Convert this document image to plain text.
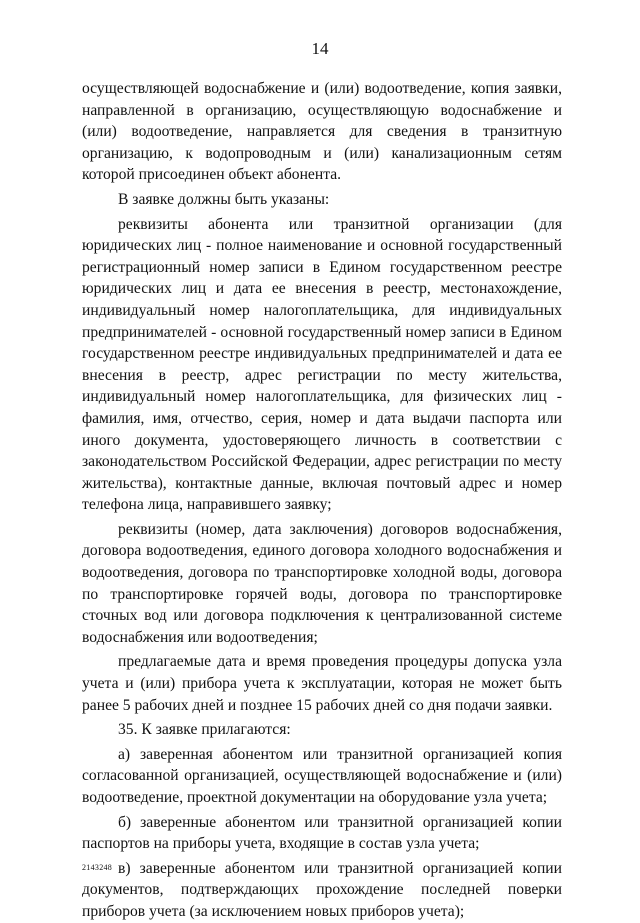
14

осуществляющей водоснабжение и (или) водоотведение, копия заявки, направленной в организацию, осуществляющую водоснабжение и (или) водоотведение, направляется для сведения в транзитную организацию, к водопроводным и (или) канализационным сетям которой присоединен объект абонента.

В заявке должны быть указаны:

реквизиты абонента или транзитной организации (для юридических лиц - полное наименование и основной государственный регистрационный номер записи в Едином государственном реестре юридических лиц и дата ее внесения в реестр, местонахождение, индивидуальный номер налогоплательщика, для индивидуальных предпринимателей - основной государственный номер записи в Едином государственном реестре индивидуальных предпринимателей и дата ее внесения в реестр, адрес регистрации по месту жительства, индивидуальный номер налогоплательщика, для физических лиц - фамилия, имя, отчество, серия, номер и дата выдачи паспорта или иного документа, удостоверяющего личность в соответствии с законодательством Российской Федерации, адрес регистрации по месту жительства), контактные данные, включая почтовый адрес и номер телефона лица, направившего заявку;

реквизиты (номер, дата заключения) договоров водоснабжения, договора водоотведения, единого договора холодного водоснабжения и водоотведения, договора по транспортировке холодной воды, договора по транспортировке горячей воды, договора по транспортировке сточных вод или договора подключения к централизованной системе водоснабжения или водоотведения;

предлагаемые дата и время проведения процедуры допуска узла учета и (или) прибора учета к эксплуатации, которая не может быть ранее 5 рабочих дней и позднее 15 рабочих дней со дня подачи заявки.

35. К заявке прилагаются:

а) заверенная абонентом или транзитной организацией копия согласованной организацией, осуществляющей водоснабжение и (или) водоотведение, проектной документации на оборудование узла учета;

б) заверенные абонентом или транзитной организацией копии паспортов на приборы учета, входящие в состав узла учета;

в) заверенные абонентом или транзитной организацией копии документов, подтверждающих прохождение последней поверки приборов учета (за исключением новых приборов учета);

2143248
